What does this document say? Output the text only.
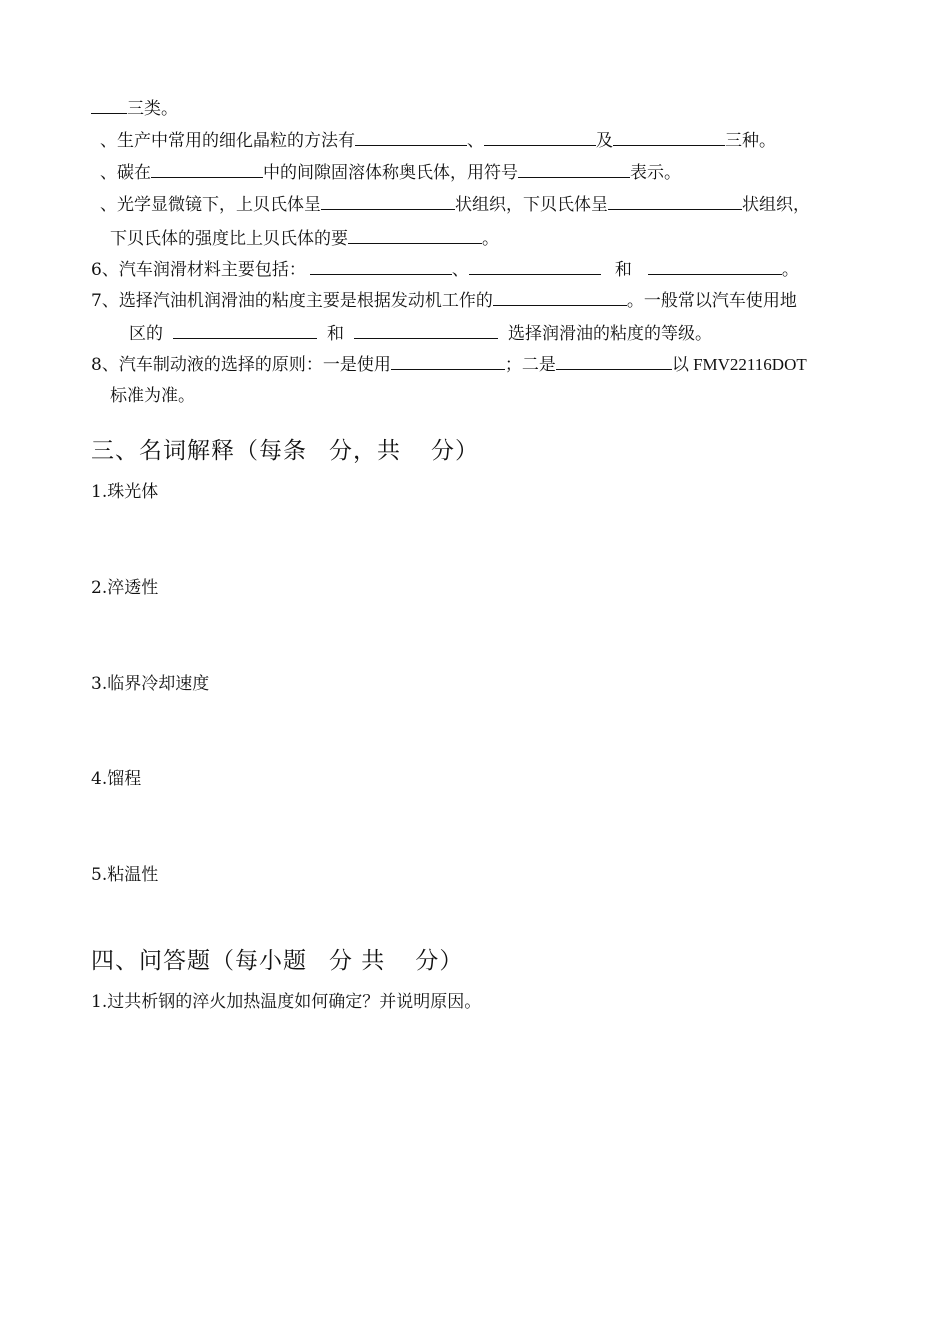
三类。
、生产中常用的细化晶粒的方法有	、	及	三种。
、碳在	中的间隙固溶体称奥氏体，用符号	表示。
、光学显微镜下，上贝氏体呈	状组织，下贝氏体呈	状组织，
下贝氏体的强度比上贝氏体的要	。
6、汽车润滑材料主要包括：	、	和	。
7、选择汽油机润滑油的粘度主要是根据发动机工作的	。一般常以汽车使用地
区的	和	选择润滑油的粘度的等级。
8、汽车制动液的选择的原则：一是使用	；二是	以 FMV22116DOT
标准为准。
三、名词解释（每条 分，共 分）
1.珠光体
2.淬透性
3.临界冷却速度
4.馏程
5.粘温性
四、问答题（每小题 分 共 分）
1.过共析钢的淬火加热温度如何确定？并说明原因。
